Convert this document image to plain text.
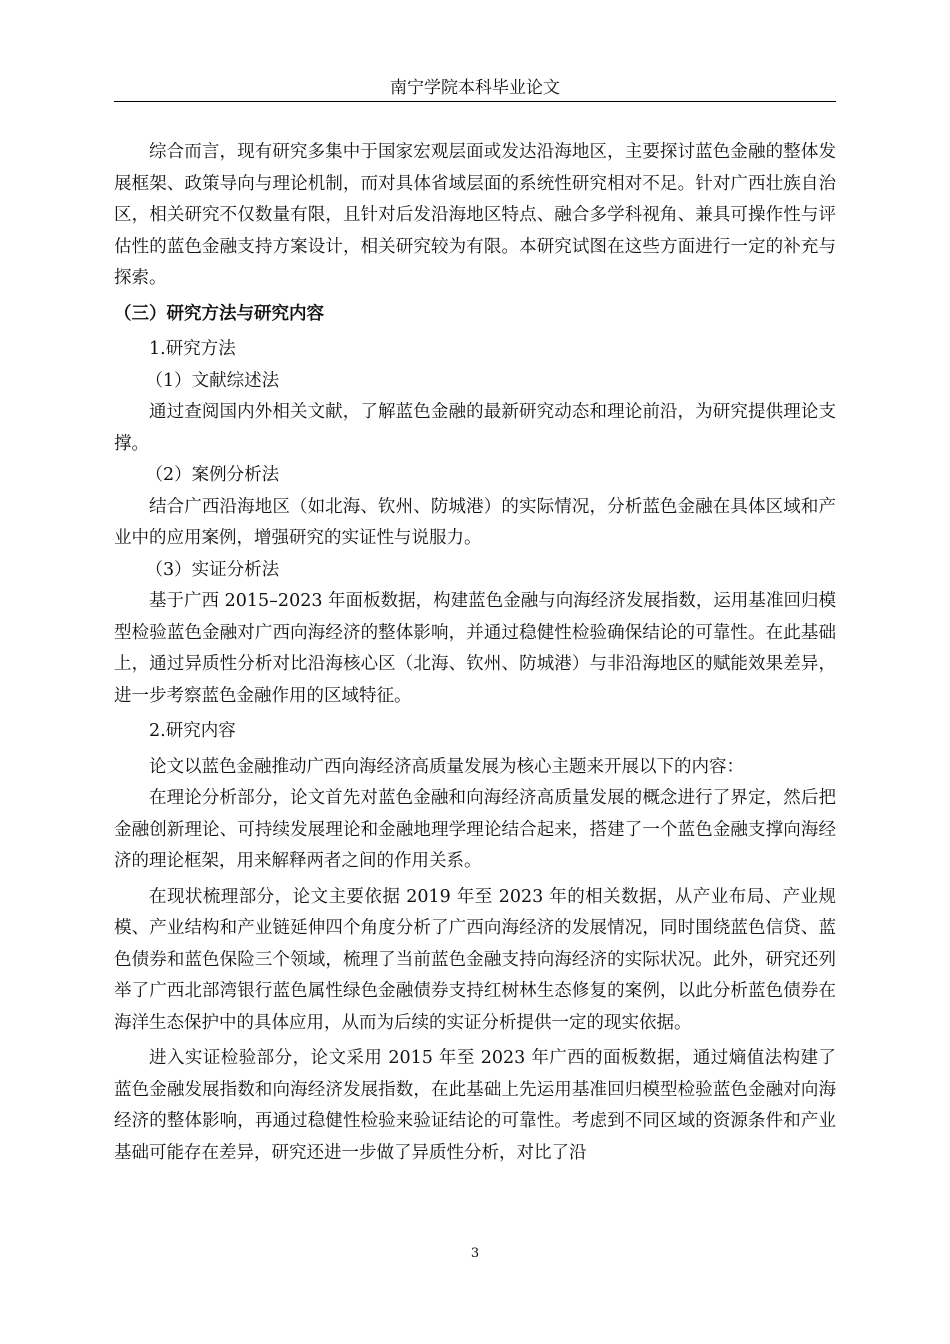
南宁学院本科毕业论文

综合而言，现有研究多集中于国家宏观层面或发达沿海地区，主要探讨蓝色金融的整体发展框架、政策导向与理论机制，而对具体省域层面的系统性研究相对不足。针对广西壮族自治区，相关研究不仅数量有限，且针对后发沿海地区特点、融合多学科视角、兼具可操作性与评估性的蓝色金融支持方案设计，相关研究较为有限。本研究试图在这些方面进行一定的补充与探索。

（三）研究方法与研究内容

1.研究方法

（1）文献综述法

通过查阅国内外相关文献，了解蓝色金融的最新研究动态和理论前沿，为研究提供理论支撑。

（2）案例分析法

结合广西沿海地区（如北海、钦州、防城港）的实际情况，分析蓝色金融在具体区域和产业中的应用案例，增强研究的实证性与说服力。

（3）实证分析法

基于广西 2015–2023 年面板数据，构建蓝色金融与向海经济发展指数，运用基准回归模型检验蓝色金融对广西向海经济的整体影响，并通过稳健性检验确保结论的可靠性。在此基础上，通过异质性分析对比沿海核心区（北海、钦州、防城港）与非沿海地区的赋能效果差异，进一步考察蓝色金融作用的区域特征。

2.研究内容

论文以蓝色金融推动广西向海经济高质量发展为核心主题来开展以下的内容：

在理论分析部分，论文首先对蓝色金融和向海经济高质量发展的概念进行了界定，然后把金融创新理论、可持续发展理论和金融地理学理论结合起来，搭建了一个蓝色金融支撑向海经济的理论框架，用来解释两者之间的作用关系。

在现状梳理部分，论文主要依据 2019 年至 2023 年的相关数据，从产业布局、产业规模、产业结构和产业链延伸四个角度分析了广西向海经济的发展情况，同时围绕蓝色信贷、蓝色债券和蓝色保险三个领域，梳理了当前蓝色金融支持向海经济的实际状况。此外，研究还列举了广西北部湾银行蓝色属性绿色金融债券支持红树林生态修复的案例，以此分析蓝色债券在海洋生态保护中的具体应用，从而为后续的实证分析提供一定的现实依据。

进入实证检验部分，论文采用 2015 年至 2023 年广西的面板数据，通过熵值法构建了蓝色金融发展指数和向海经济发展指数，在此基础上先运用基准回归模型检验蓝色金融对向海经济的整体影响，再通过稳健性检验来验证结论的可靠性。考虑到不同区域的资源条件和产业基础可能存在差异，研究还进一步做了异质性分析，对比了沿

3
